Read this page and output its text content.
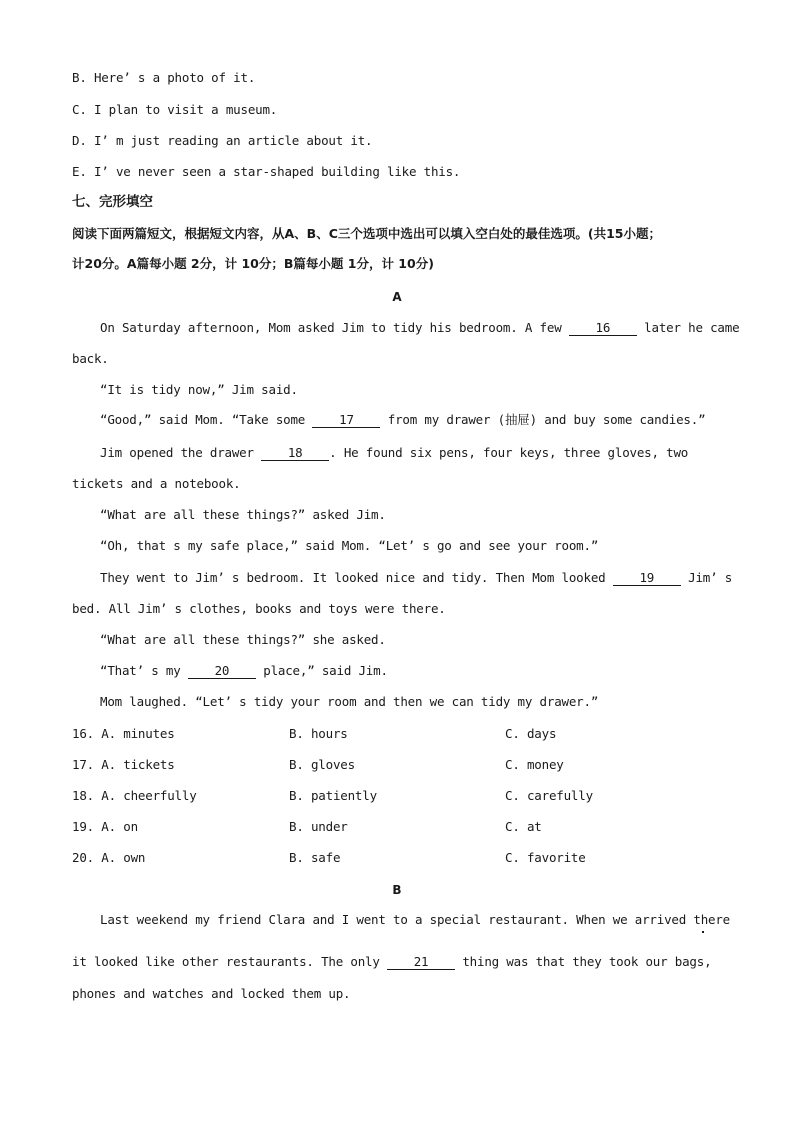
B. Here’ s a photo of it.
C. I plan to visit a museum.
D. I’ m just reading an article about it.
E. I’ ve never seen a star-shaped building like this.
七、完形填空
阅读下面两篇短文，根据短文内容，从A、B、C三个选项中选出可以填入空白处的最佳选项。(共15小题；
计20分。A篇每小题 2分，计 10分；B篇每小题 1分，计 10分)
A
On Saturday afternoon, Mom asked Jim to tidy his bedroom. A few 16 later he came
back.
“It is tidy now,” Jim said.
“Good,” said Mom. “Take some 17 from my drawer (抽屉) and buy some candies.”
Jim opened the drawer 18 . He found six pens, four keys, three gloves, two
tickets and a notebook.
“What are all these things?” asked Jim.
“Oh, that s my safe place,” said Mom. “Let’ s go and see your room.”
They went to Jim’ s bedroom. It looked nice and tidy. Then Mom looked 19 Jim’ s
bed. All Jim’ s clothes, books and toys were there.
“What are all these things?” she asked.
“That’ s my 20 place,” said Jim.
Mom laughed. “Let’ s tidy your room and then we can tidy my drawer.”
16. A. minutes	B. hours	C. days
17. A. tickets	B. gloves	C. money
18. A. cheerfully	B. patiently	C. carefully
19. A. on	B. under	C. at
20. A. own	B. safe	C. favorite
B
Last weekend my friend Clara and I went to a special restaurant. When we arrived there
it looked like other restaurants. The only 21 thing was that they took our bags,
phones and watches and locked them up.
